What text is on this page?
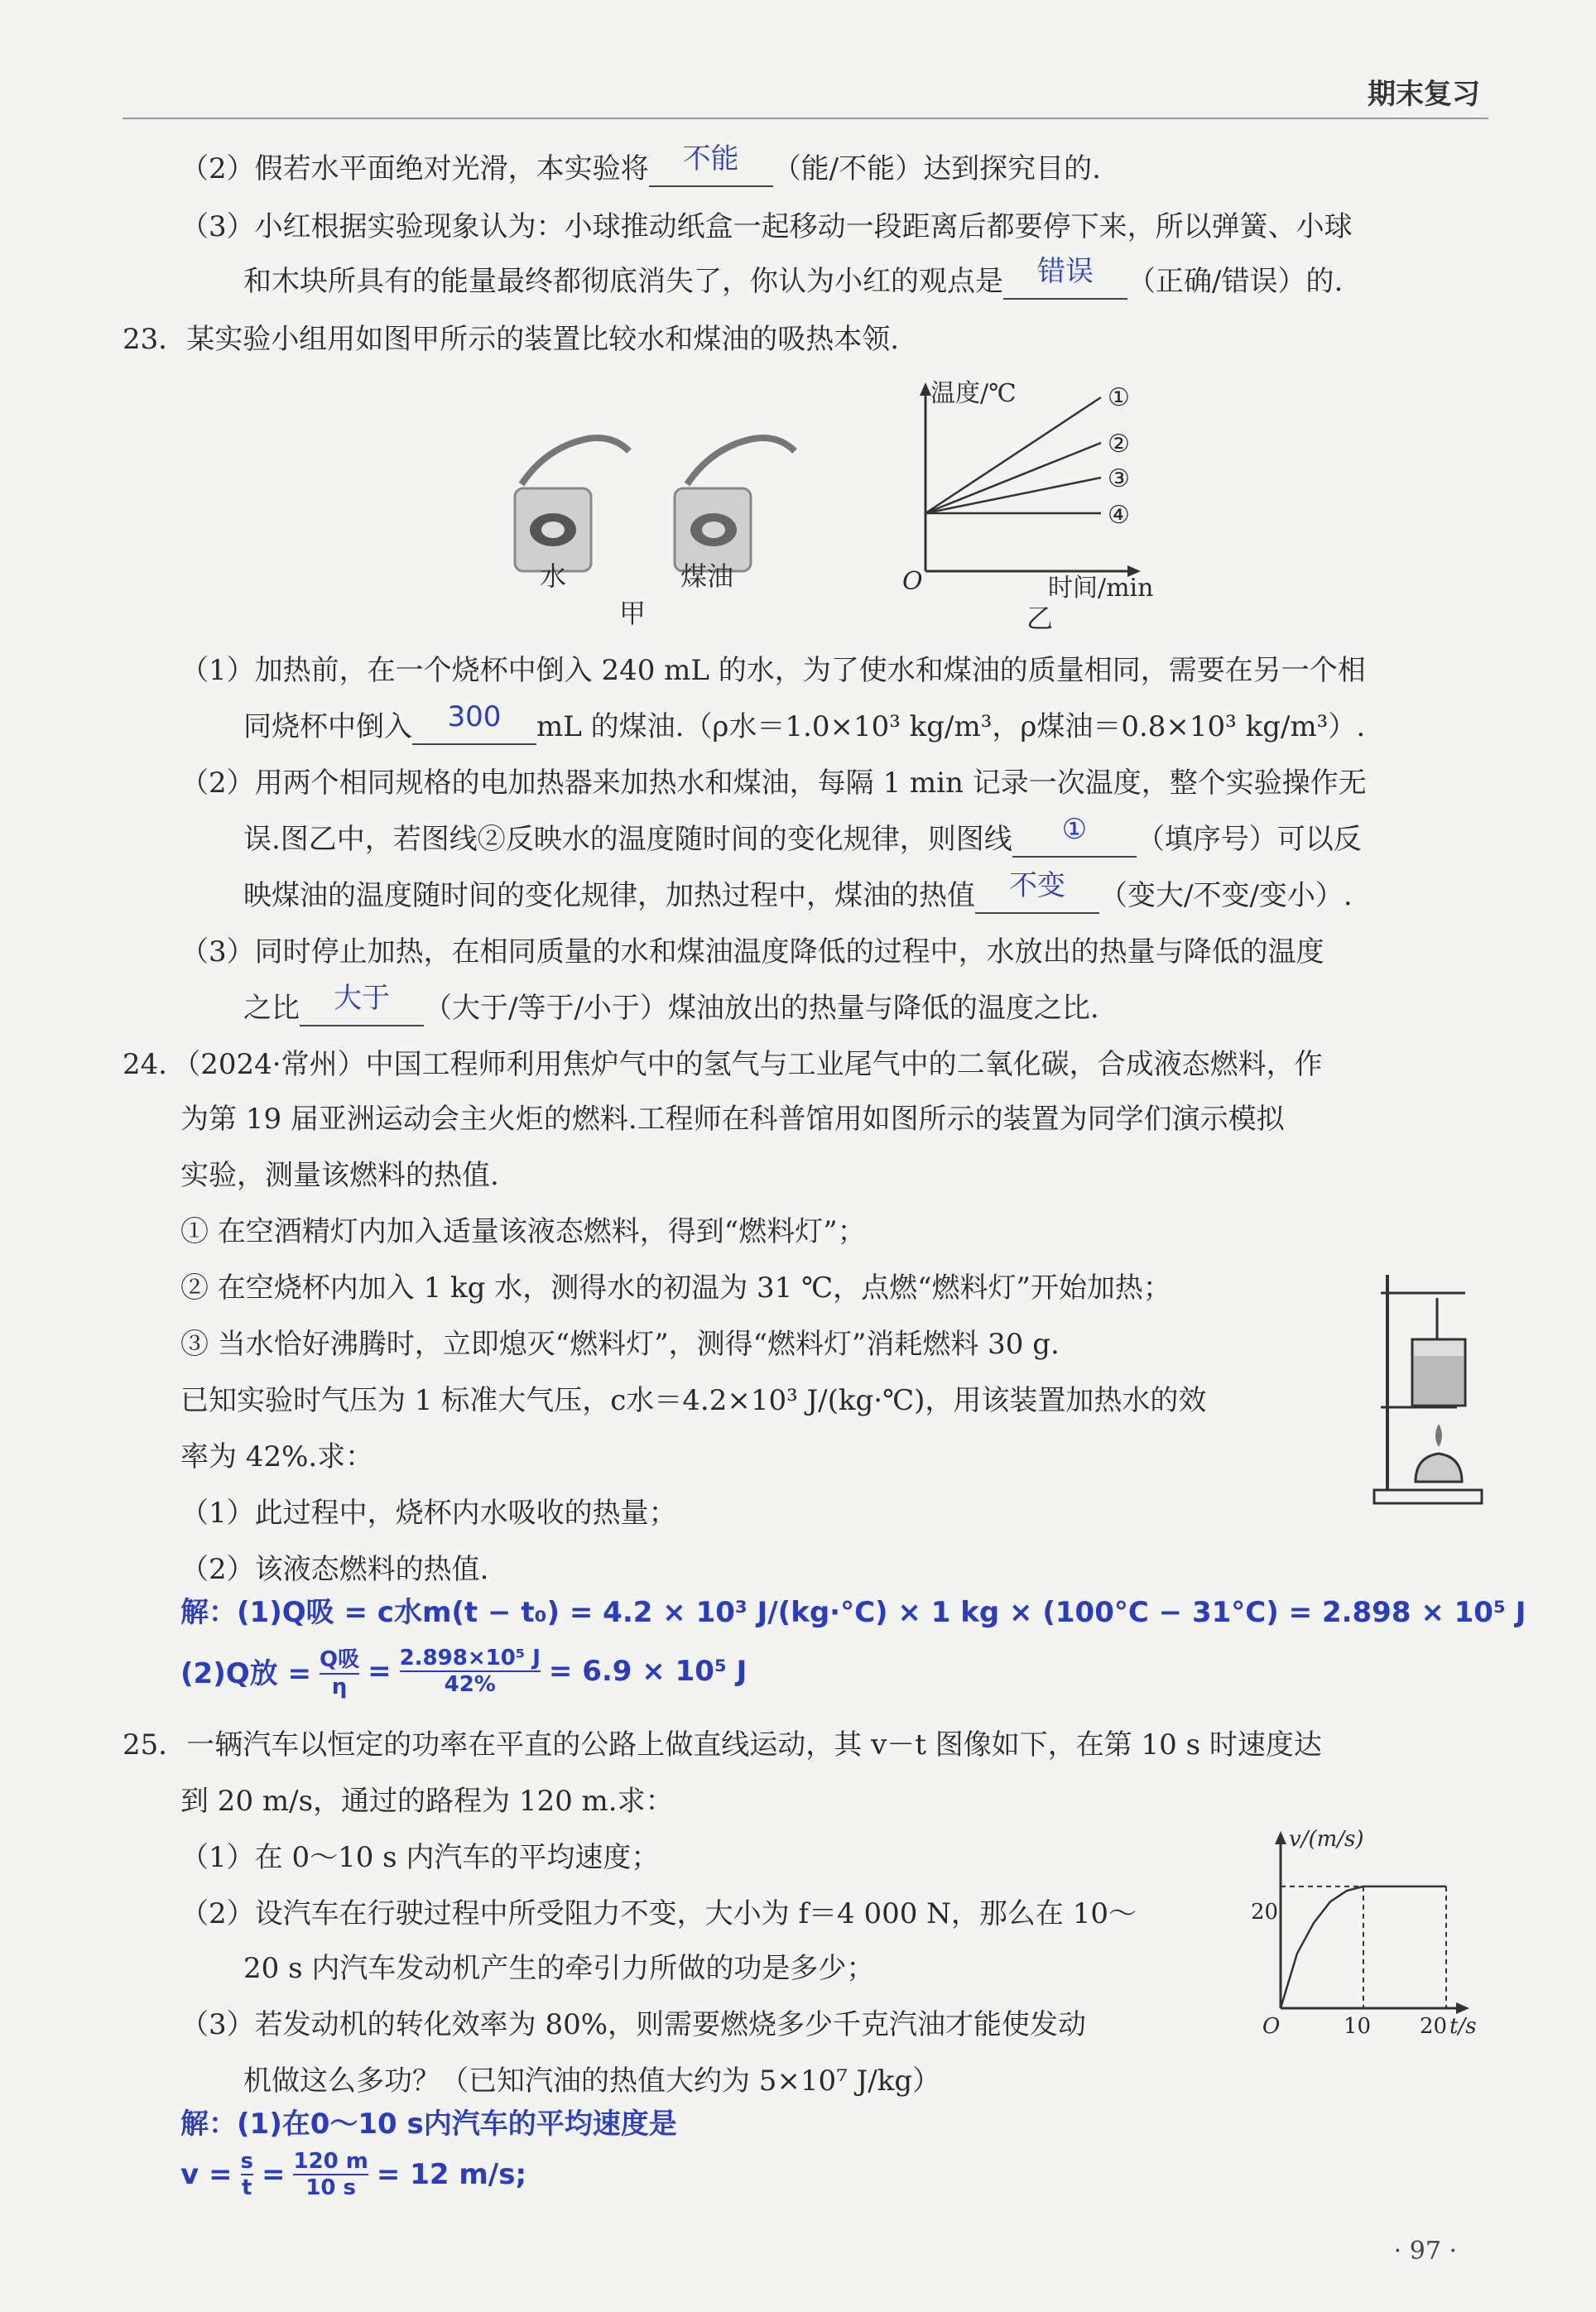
期末复习
（2）假若水平面绝对光滑，本实验将	不能	（能/不能）达到探究目的.
（3）小红根据实验现象认为：小球推动纸盒一起移动一段距离后都要停下来，所以弹簧、小球
和木块所具有的能量最终都彻底消失了，你认为小红的观点是	错误	（正确/错误）的.
23．某实验小组用如图甲所示的装置比较水和煤油的吸热本领.
水	煤油
甲
温度/℃
时间/min
O
乙
①
②
③
④
（1）加热前，在一个烧杯中倒入 240 mL 的水，为了使水和煤油的质量相同，需要在另一个相
同烧杯中倒入	300	mL 的煤油.（ρ水＝1.0×10³ kg/m³，ρ煤油＝0.8×10³ kg/m³）.
（2）用两个相同规格的电加热器来加热水和煤油，每隔 1 min 记录一次温度，整个实验操作无
误.图乙中，若图线②反映水的温度随时间的变化规律，则图线	①	（填序号）可以反
映煤油的温度随时间的变化规律，加热过程中，煤油的热值	不变	（变大/不变/变小）.
（3）同时停止加热，在相同质量的水和煤油温度降低的过程中，水放出的热量与降低的温度
之比	大于	（大于/等于/小于）煤油放出的热量与降低的温度之比.
24．（2024·常州）中国工程师利用焦炉气中的氢气与工业尾气中的二氧化碳，合成液态燃料，作
为第 19 届亚洲运动会主火炬的燃料.工程师在科普馆用如图所示的装置为同学们演示模拟
实验，测量该燃料的热值.
① 在空酒精灯内加入适量该液态燃料，得到“燃料灯”；
② 在空烧杯内加入 1 kg 水，测得水的初温为 31 ℃，点燃“燃料灯”开始加热；
③ 当水恰好沸腾时，立即熄灭“燃料灯”，测得“燃料灯”消耗燃料 30 g.
已知实验时气压为 1 标准大气压，c水＝4.2×10³ J/(kg·℃)，用该装置加热水的效
率为 42%.求：
（1）此过程中，烧杯内水吸收的热量；
（2）该液态燃料的热值.
解：(1)Q吸 = c水m(t − t₀) = 4.2 × 10³ J/(kg·°C) × 1 kg × (100°C − 31°C) = 2.898 × 10⁵ J
(2)Q放 = Q吸
$\eta = \frac{\text{2.898×10⁵ J}}{42\%} = 6.9 \times 10^5$ J
25．一辆汽车以恒定的功率在平直的公路上做直线运动，其 v－t 图像如下，在第 10 s 时速度达
到 20 m/s，通过的路程为 120 m.求：
（1）在 0～10 s 内汽车的平均速度；
（2）设汽车在行驶过程中所受阻力不变，大小为 f＝4 000 N，那么在 10～
20 s 内汽车发动机产生的牵引力所做的功是多少；
（3）若发动机的转化效率为 80%，则需要燃烧多少千克汽油才能使发动
机做这么多功？（已知汽油的热值大约为 5×10⁷ J/kg）
v/(m/s)
t/s
O
20
10 20
解：(1)在0～10 s内汽车的平均速度是
$v = \frac{s}{t} = \frac{120 m}{10 s} = 12$ m/s;
· 97 ·
